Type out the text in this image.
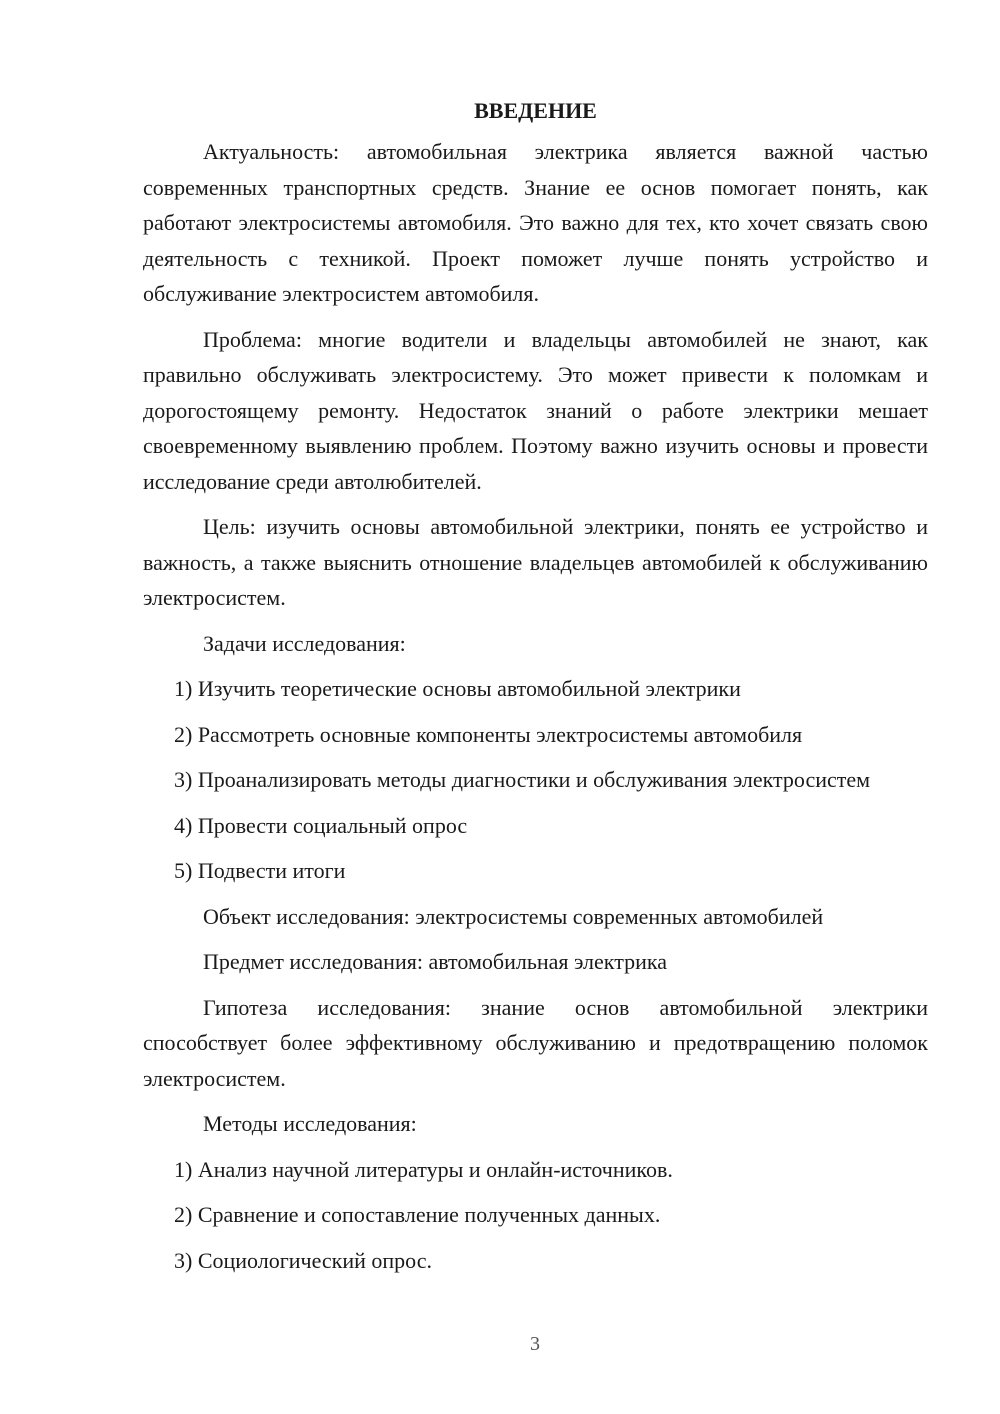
ВВЕДЕНИЕ

Актуальность: автомобильная электрика является важной частью современных транспортных средств. Знание ее основ помогает понять, как работают электросистемы автомобиля. Это важно для тех, кто хочет связать свою деятельность с техникой. Проект поможет лучше понять устройство и обслуживание электросистем автомобиля.

Проблема: многие водители и владельцы автомобилей не знают, как правильно обслуживать электросистему. Это может привести к поломкам и дорогостоящему ремонту. Недостаток знаний о работе электрики мешает своевременному выявлению проблем. Поэтому важно изучить основы и провести исследование среди автолюбителей.

Цель: изучить основы автомобильной электрики, понять ее устройство и важность, а также выяснить отношение владельцев автомобилей к обслуживанию электросистем.

Задачи исследования:

1) Изучить теоретические основы автомобильной электрики

2) Рассмотреть основные компоненты электросистемы автомобиля

3) Проанализировать методы диагностики и обслуживания электросистем

4) Провести социальный опрос

5) Подвести итоги

Объект исследования: электросистемы современных автомобилей

Предмет исследования: автомобильная электрика

Гипотеза исследования: знание основ автомобильной электрики способствует более эффективному обслуживанию и предотвращению поломок электросистем.

Методы исследования:

1) Анализ научной литературы и онлайн-источников.

2) Сравнение и сопоставление полученных данных.

3) Социологический опрос.

3
